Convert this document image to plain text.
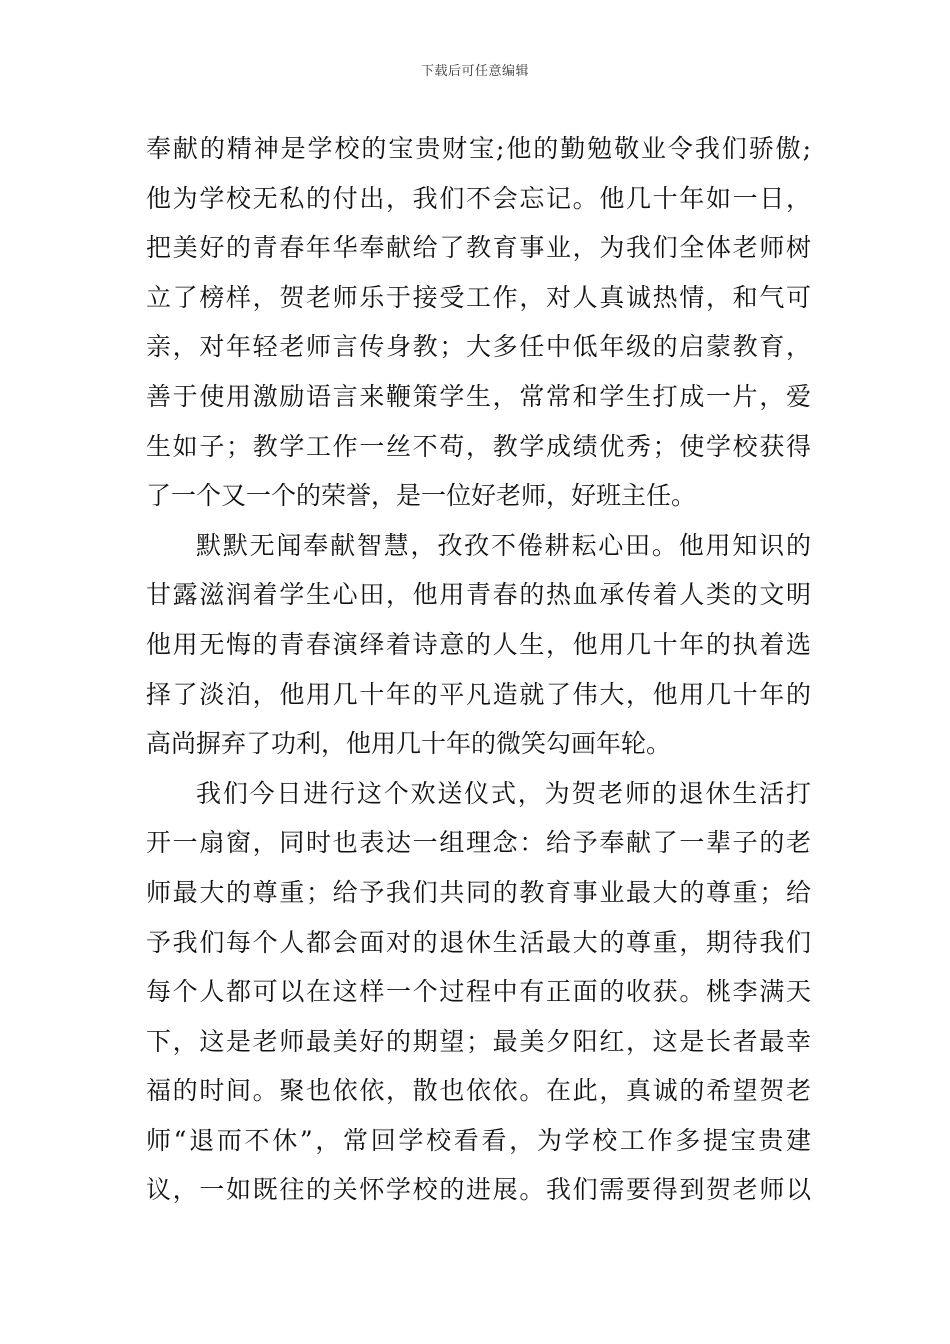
下载后可任意编辑
奉献的精神是学校的宝贵财宝;他的勤勉敬业令我们骄傲;
他为学校无私的付出，我们不会忘记。他几十年如一日，
把美好的青春年华奉献给了教育事业，为我们全体老师树
立了榜样，贺老师乐于接受工作，对人真诚热情，和气可
亲，对年轻老师言传身教；大多任中低年级的启蒙教育，
善于使用激励语言来鞭策学生，常常和学生打成一片，爱
生如子；教学工作一丝不苟，教学成绩优秀；使学校获得
了一个又一个的荣誉，是一位好老师，好班主任。
默默无闻奉献智慧，孜孜不倦耕耘心田。他用知识的
甘露滋润着学生心田，他用青春的热血承传着人类的文明
他用无悔的青春演绎着诗意的人生，他用几十年的执着选
择了淡泊，他用几十年的平凡造就了伟大，他用几十年的
高尚摒弃了功利，他用几十年的微笑勾画年轮。
我们今日进行这个欢送仪式，为贺老师的退休生活打
开一扇窗，同时也表达一组理念：给予奉献了一辈子的老
师最大的尊重；给予我们共同的教育事业最大的尊重；给
予我们每个人都会面对的退休生活最大的尊重，期待我们
每个人都可以在这样一个过程中有正面的收获。桃李满天
下，这是老师最美好的期望；最美夕阳红，这是长者最幸
福的时间。聚也依依，散也依依。在此，真诚的希望贺老
师“退而不休”，常回学校看看，为学校工作多提宝贵建
议，一如既往的关怀学校的进展。我们需要得到贺老师以
